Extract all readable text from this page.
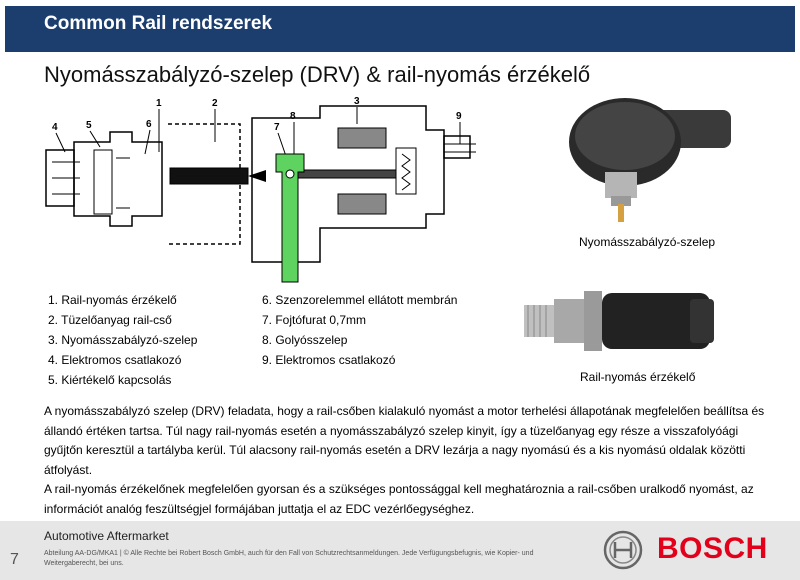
Common Rail rendszerek
Nyomásszabályzó-szelep (DRV) & rail-nyomás érzékelő
1	2	3
4	5	6	7
8	9
Nyomásszabályzó-szelep
Rail-nyomás érzékelő
1. Rail-nyomás érzékelő
2. Tüzelőanyag rail-cső
3. Nyomásszabályzó-szelep
4. Elektromos csatlakozó
5. Kiértékelő kapcsolás
6. Szenzorelemmel ellátott membrán
7. Fojtófurat 0,7mm
8. Golyósszelep
9. Elektromos csatlakozó

A nyomásszabályzó szelep (DRV) feladata, hogy a rail-csőben kialakuló nyomást a motor terhelési állapotának megfelelően beállítsa és állandó értéken tartsa. Túl nagy rail-nyomás esetén a nyomásszabályzó szelep kinyit, így a tüzelőanyag egy része a visszafolyóági gyűjtőn keresztül a tartályba kerül. Túl alacsony rail-nyomás esetén a DRV lezárja a nagy nyomású és a kis nyomású oldalak közötti átfolyást.

A rail-nyomás érzékelőnek megfelelően gyorsan és a szükséges pontossággal kell meghatároznia a rail-csőben uralkodő nyomást, az információt analóg feszültségjel formájában juttatja el az EDC vezérlőegységhez.

7
Automotive Aftermarket
Abteilung AA-DG/MKA1 | © Alle Rechte bei Robert Bosch GmbH, auch für den Fall von Schutzrechtsanmeldungen. Jede Verfügungsbefugnis, wie Kopier- und Weitergaberecht, bei uns.	BOSCH
